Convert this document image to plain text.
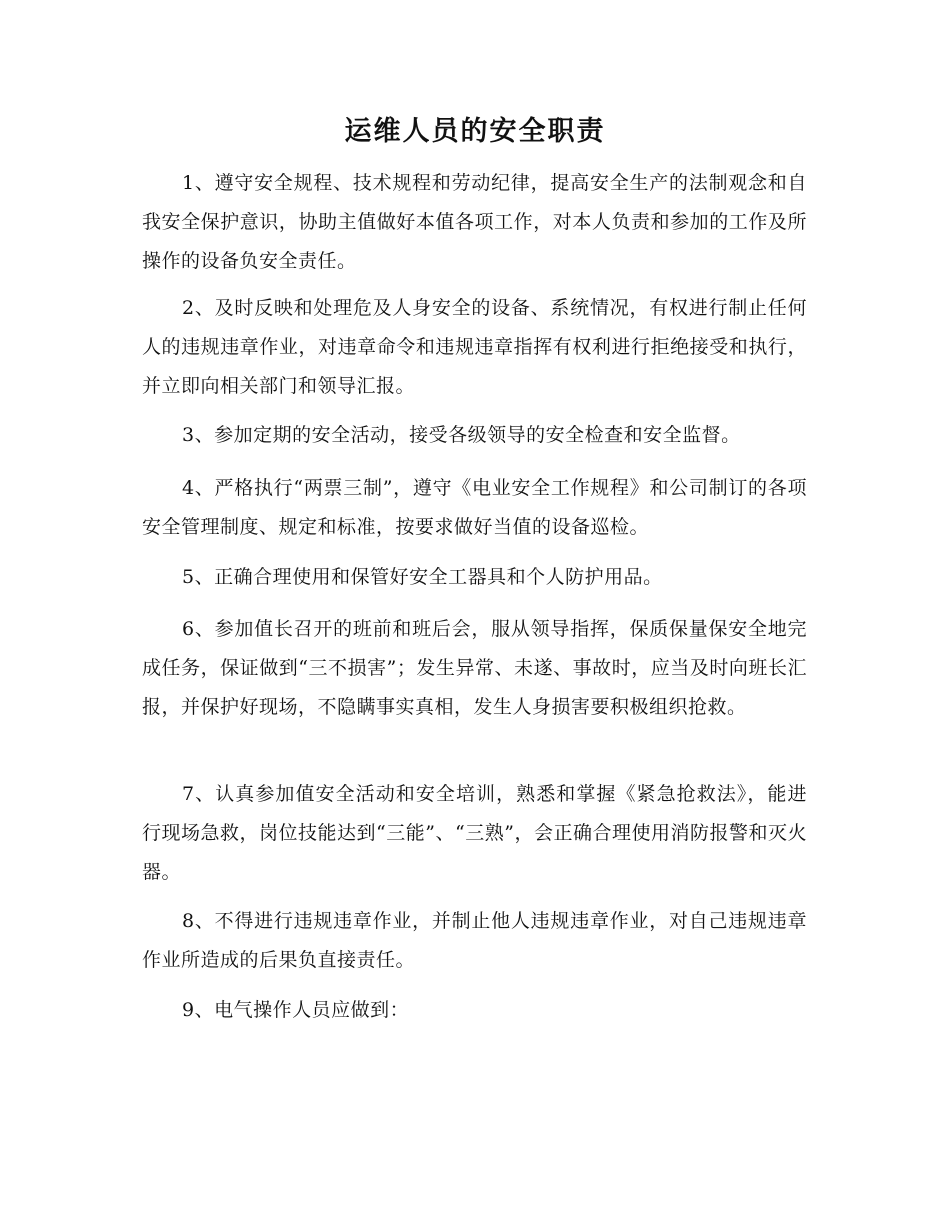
运维人员的安全职责

1、遵守安全规程、技术规程和劳动纪律，提高安全生产的法制观念和自我安全保护意识，协助主值做好本值各项工作，对本人负责和参加的工作及所操作的设备负安全责任。

2、及时反映和处理危及人身安全的设备、系统情况，有权进行制止任何人的违规违章作业，对违章命令和违规违章指挥有权利进行拒绝接受和执行，并立即向相关部门和领导汇报。

3、参加定期的安全活动，接受各级领导的安全检查和安全监督。

4、严格执行“两票三制”，遵守《电业安全工作规程》和公司制订的各项安全管理制度、规定和标准，按要求做好当值的设备巡检。

5、正确合理使用和保管好安全工器具和个人防护用品。

6、参加值长召开的班前和班后会，服从领导指挥，保质保量保安全地完成任务，保证做到“三不损害”；发生异常、未遂、事故时，应当及时向班长汇报，并保护好现场，不隐瞒事实真相，发生人身损害要积极组织抢救。

7、认真参加值安全活动和安全培训，熟悉和掌握《紧急抢救法》，能进行现场急救，岗位技能达到“三能”、“三熟”，会正确合理使用消防报警和灭火器。

8、不得进行违规违章作业，并制止他人违规违章作业，对自己违规违章作业所造成的后果负直接责任。

9、电气操作人员应做到：
